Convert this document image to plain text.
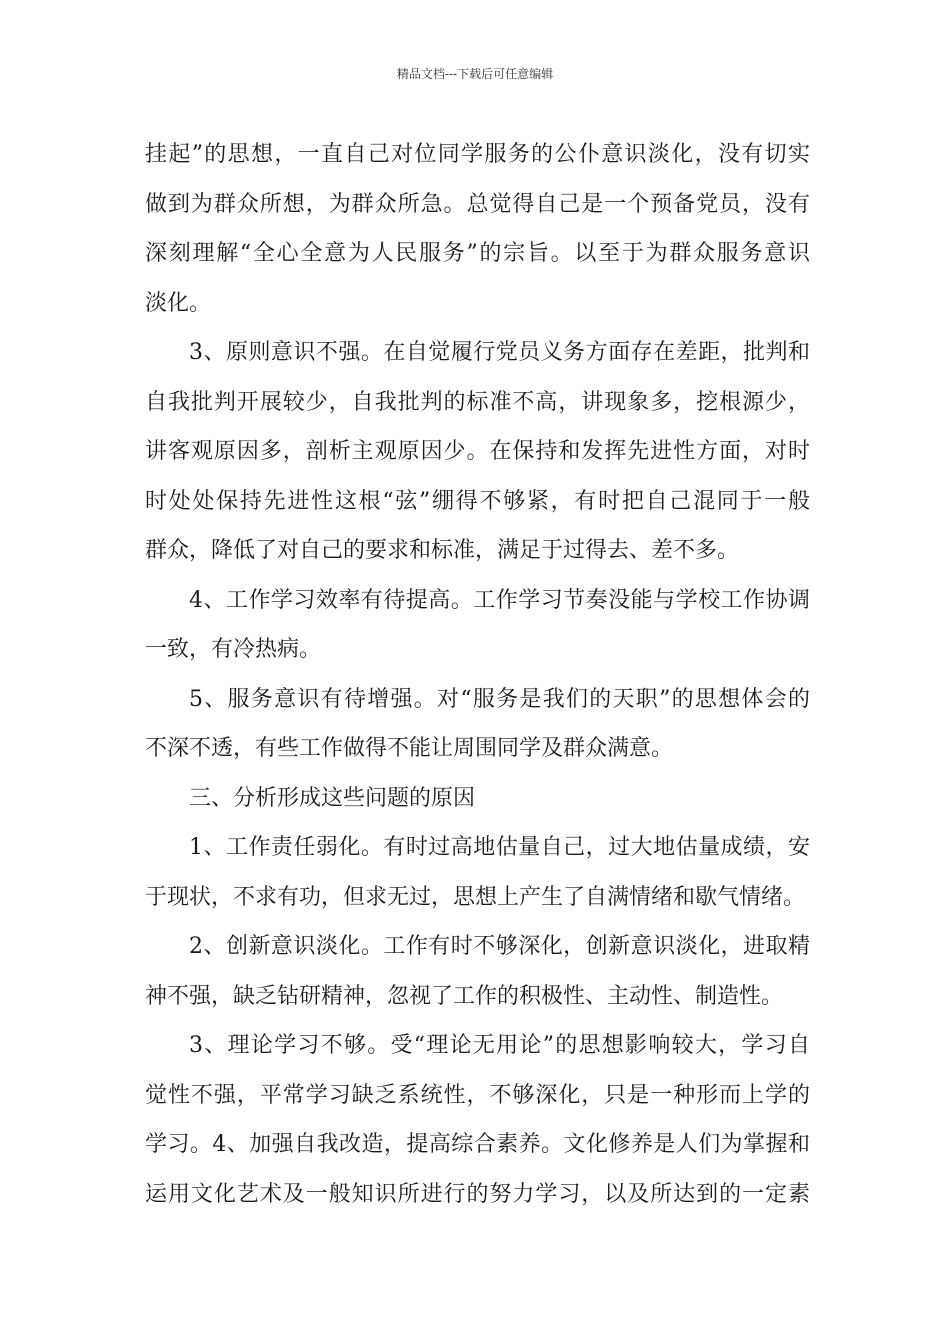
精品文档---下载后可任意编辑
挂起”的思想，一直自己对位同学服务的公仆意识淡化，没有切实
做到为群众所想，为群众所急。总觉得自己是一个预备党员，没有
深刻理解“全心全意为人民服务”的宗旨。以至于为群众服务意识
淡化。
3、原则意识不强。在自觉履行党员义务方面存在差距，批判和
自我批判开展较少，自我批判的标准不高，讲现象多，挖根源少，
讲客观原因多，剖析主观原因少。在保持和发挥先进性方面，对时
时处处保持先进性这根“弦”绷得不够紧，有时把自己混同于一般
群众，降低了对自己的要求和标准，满足于过得去、差不多。
4、工作学习效率有待提高。工作学习节奏没能与学校工作协调
一致，有冷热病。
5、服务意识有待增强。对“服务是我们的天职”的思想体会的
不深不透，有些工作做得不能让周围同学及群众满意。
三、分析形成这些问题的原因
1、工作责任弱化。有时过高地估量自己，过大地估量成绩，安
于现状，不求有功，但求无过，思想上产生了自满情绪和歇气情绪。
2、创新意识淡化。工作有时不够深化，创新意识淡化，进取精
神不强，缺乏钻研精神，忽视了工作的积极性、主动性、制造性。
3、理论学习不够。受“理论无用论”的思想影响较大，学习自
觉性不强，平常学习缺乏系统性，不够深化，只是一种形而上学的
学习。4、加强自我改造，提高综合素养。文化修养是人们为掌握和
运用文化艺术及一般知识所进行的努力学习，以及所达到的一定素
